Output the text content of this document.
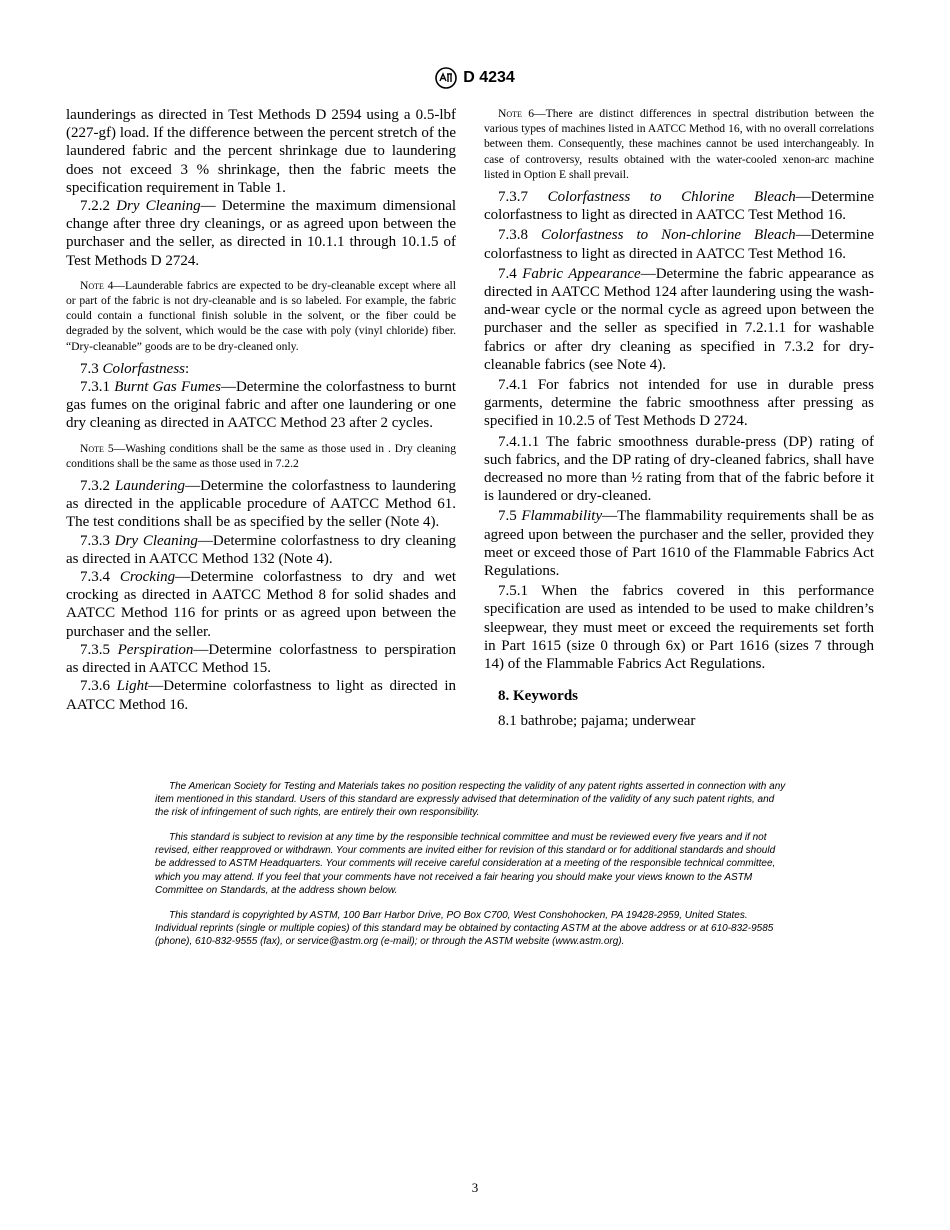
D 4234

launderings as directed in Test Methods D 2594 using a 0.5-lbf (227-gf) load. If the difference between the percent stretch of the laundered fabric and the percent shrinkage due to laundering does not exceed 3 % shrinkage, then the fabric meets the specification requirement in Table 1.

7.2.2 Dry Cleaning— Determine the maximum dimensional change after three dry cleanings, or as agreed upon between the purchaser and the seller, as directed in 10.1.1 through 10.1.5 of Test Methods D 2724.

Note 4—Launderable fabrics are expected to be dry-cleanable except where all or part of the fabric is not dry-cleanable and is so labeled. For example, the fabric could contain a functional finish soluble in the solvent, or the fiber could be degraded by the solvent, which would be the case with poly (vinyl chloride) fiber. “Dry-cleanable” goods are to be dry-cleaned only.

7.3 Colorfastness:

7.3.1 Burnt Gas Fumes—Determine the colorfastness to burnt gas fumes on the original fabric and after one laundering or one dry cleaning as directed in AATCC Method 23 after 2 cycles.

Note 5—Washing conditions shall be the same as those used in . Dry cleaning conditions shall be the same as those used in 7.2.2

7.3.2 Laundering—Determine the colorfastness to laundering as directed in the applicable procedure of AATCC Method 61. The test conditions shall be as specified by the seller (Note 4).

7.3.3 Dry Cleaning—Determine colorfastness to dry cleaning as directed in AATCC Method 132 (Note 4).

7.3.4 Crocking—Determine colorfastness to dry and wet crocking as directed in AATCC Method 8 for solid shades and AATCC Method 116 for prints or as agreed upon between the purchaser and the seller.

7.3.5 Perspiration—Determine colorfastness to perspiration as directed in AATCC Method 15.

7.3.6 Light—Determine colorfastness to light as directed in AATCC Method 16.

Note 6—There are distinct differences in spectral distribution between the various types of machines listed in AATCC Method 16, with no overall correlations between them. Consequently, these machines cannot be used interchangeably. In case of controversy, results obtained with the water-cooled xenon-arc machine listed in Option E shall prevail.

7.3.7 Colorfastness to Chlorine Bleach—Determine colorfastness to light as directed in AATCC Test Method 16.

7.3.8 Colorfastness to Non-chlorine Bleach—Determine colorfastness to light as directed in AATCC Test Method 16.

7.4 Fabric Appearance—Determine the fabric appearance as directed in AATCC Method 124 after laundering using the wash-and-wear cycle or the normal cycle as agreed upon between the purchaser and the seller as specified in 7.2.1.1 for washable fabrics or after dry cleaning as specified in 7.3.2 for dry-cleanable fabrics (see Note 4).

7.4.1 For fabrics not intended for use in durable press garments, determine the fabric smoothness after pressing as specified in 10.2.5 of Test Methods D 2724.

7.4.1.1 The fabric smoothness durable-press (DP) rating of such fabrics, and the DP rating of dry-cleaned fabrics, shall have decreased no more than ½ rating from that of the fabric before it is laundered or dry-cleaned.

7.5 Flammability—The flammability requirements shall be as agreed upon between the purchaser and the seller, provided they meet or exceed those of Part 1610 of the Flammable Fabrics Act Regulations.

7.5.1 When the fabrics covered in this performance specification are used as intended to be used to make children’s sleepwear, they must meet or exceed the requirements set forth in Part 1615 (size 0 through 6x) or Part 1616 (sizes 7 through 14) of the Flammable Fabrics Act Regulations.

8. Keywords

8.1 bathrobe; pajama; underwear

The American Society for Testing and Materials takes no position respecting the validity of any patent rights asserted in connection with any item mentioned in this standard. Users of this standard are expressly advised that determination of the validity of any such patent rights, and the risk of infringement of such rights, are entirely their own responsibility.

This standard is subject to revision at any time by the responsible technical committee and must be reviewed every five years and if not revised, either reapproved or withdrawn. Your comments are invited either for revision of this standard or for additional standards and should be addressed to ASTM Headquarters. Your comments will receive careful consideration at a meeting of the responsible technical committee, which you may attend. If you feel that your comments have not received a fair hearing you should make your views known to the ASTM Committee on Standards, at the address shown below.

This standard is copyrighted by ASTM, 100 Barr Harbor Drive, PO Box C700, West Conshohocken, PA 19428-2959, United States. Individual reprints (single or multiple copies) of this standard may be obtained by contacting ASTM at the above address or at 610-832-9585 (phone), 610-832-9555 (fax), or service@astm.org (e-mail); or through the ASTM website (www.astm.org).

3
